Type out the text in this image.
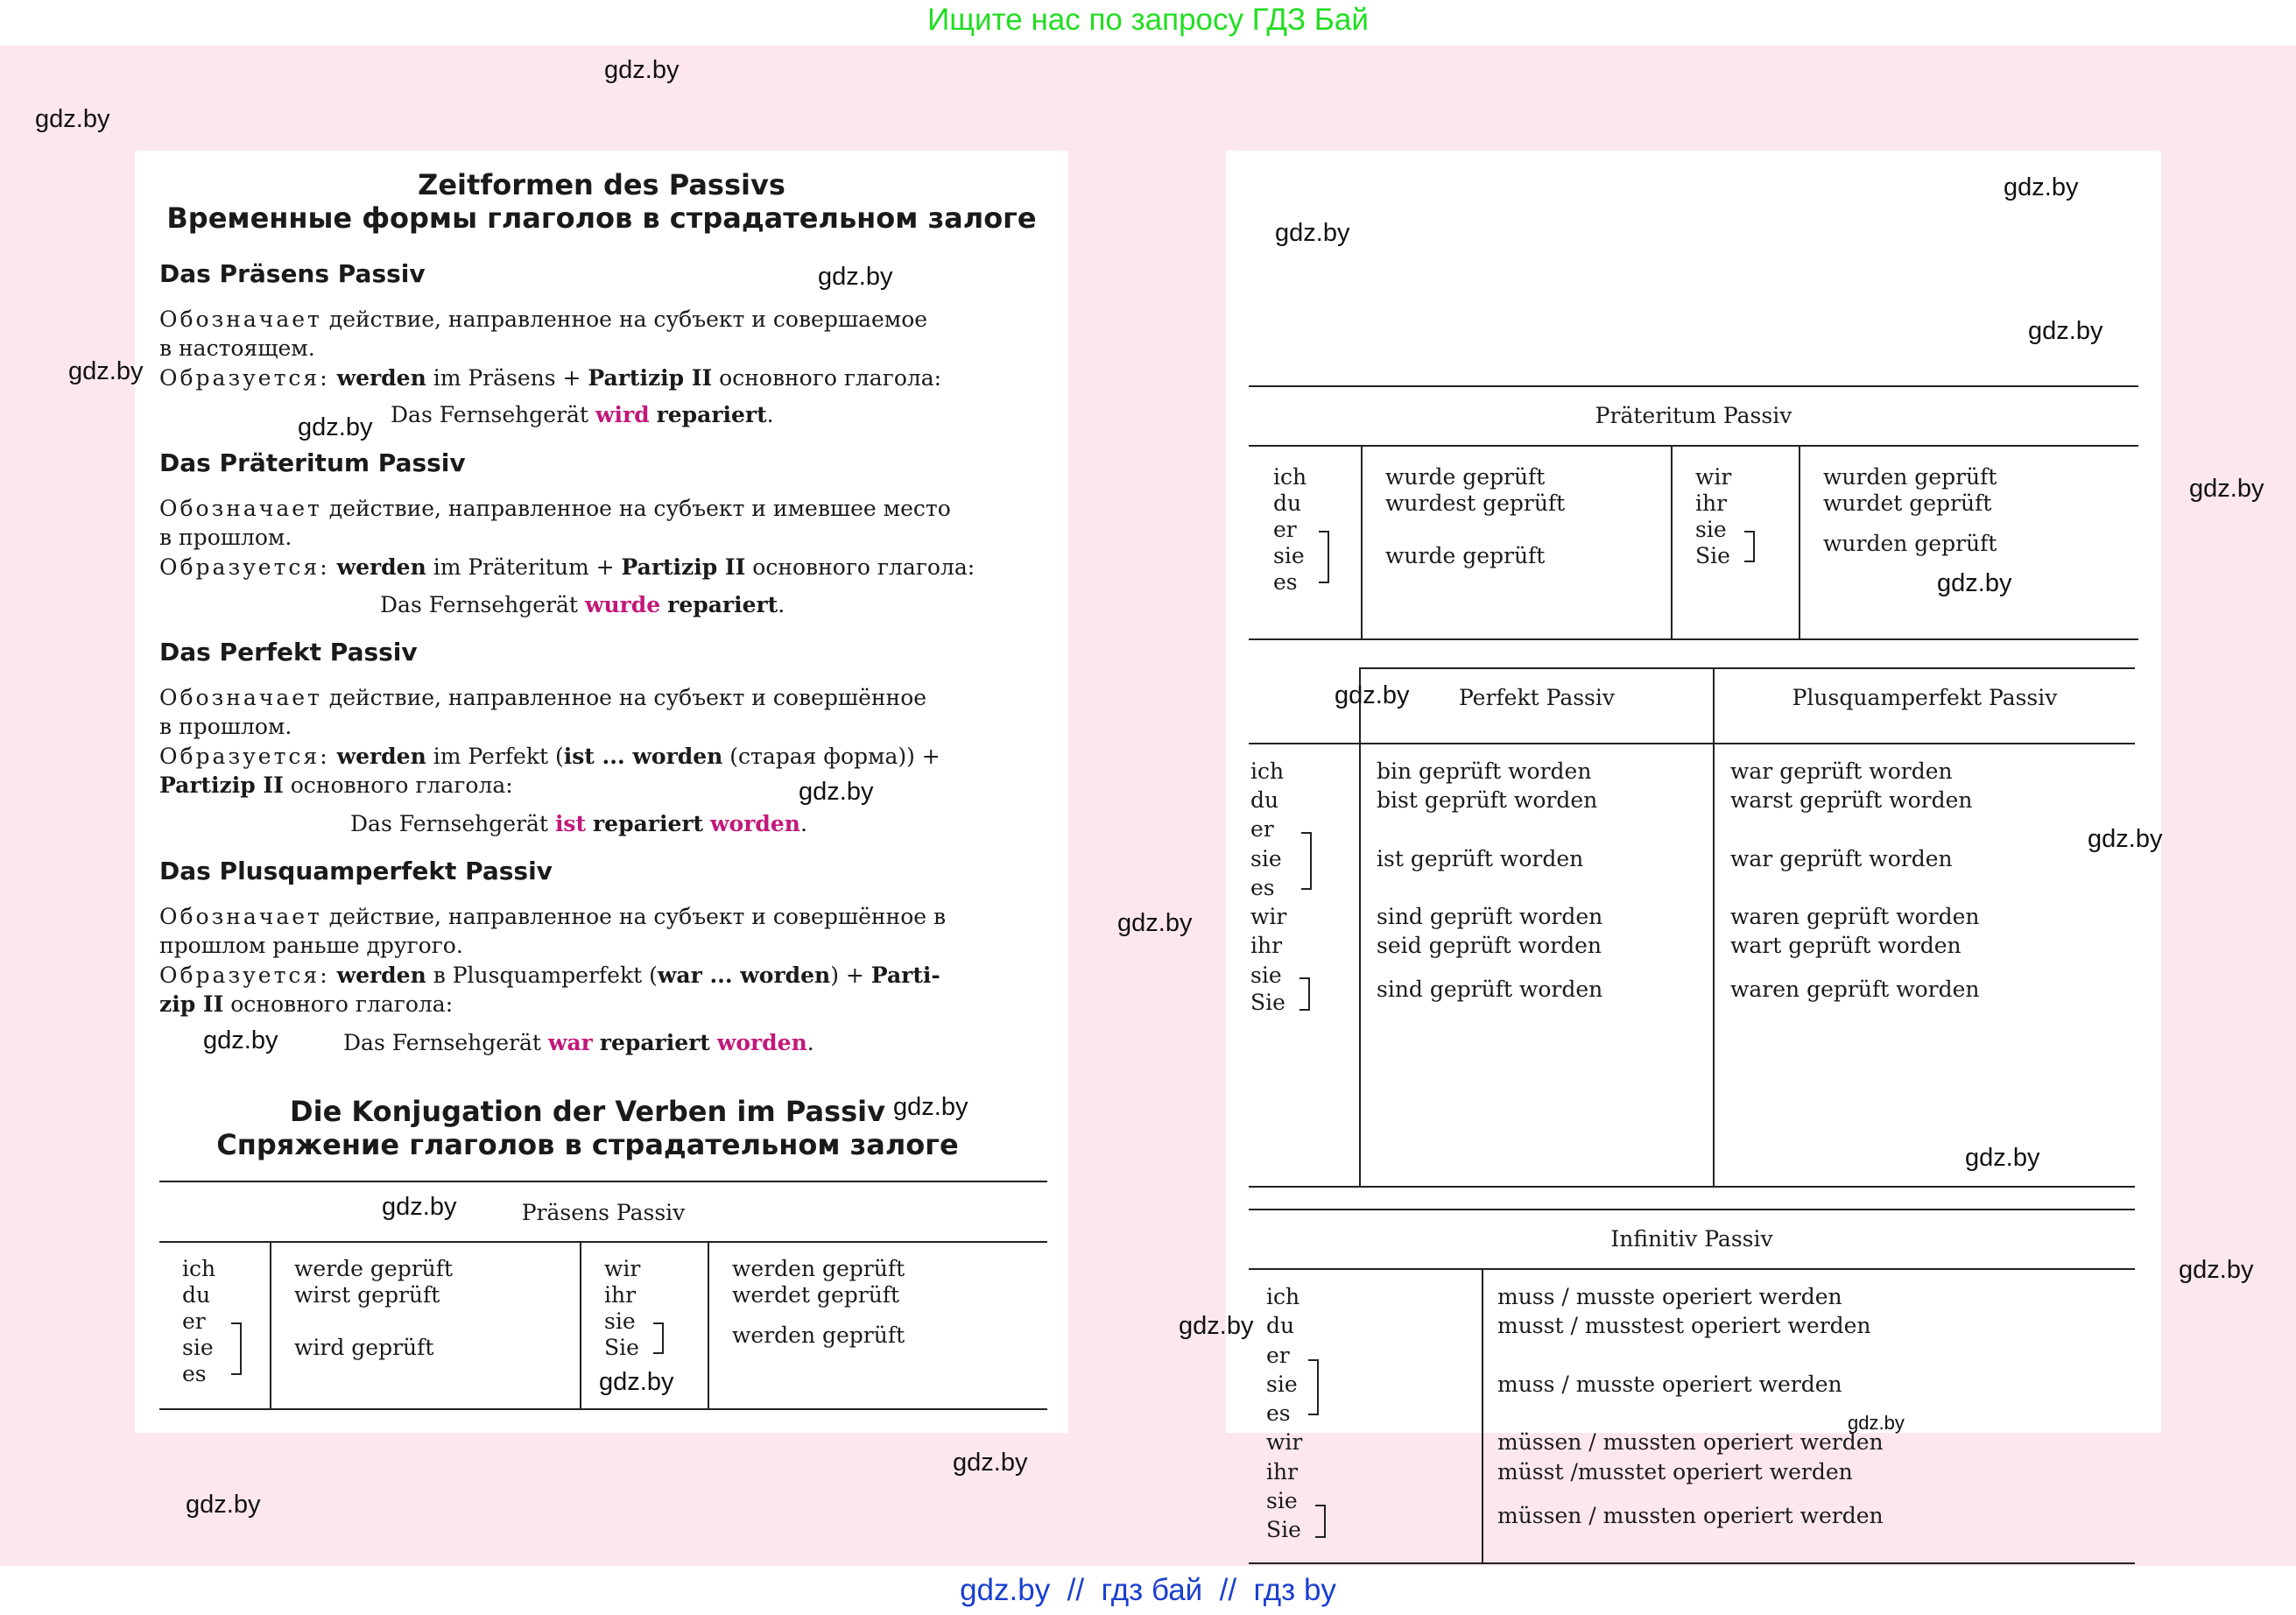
Ищите нас по запросу ГДЗ Бай
Zeitformen des Passivs
Временные формы глаголов в страдательном залоге
Das Präsens Passiv
Обозначает действие, направленное на субъект и совершаемое
в настоящем.
Образуется: werden im Präsens + Partizip II основного глагола:
Das Fernsehgerät wird repariert.
Das Präteritum Passiv
Обозначает действие, направленное на субъект и имевшее место
в прошлом.
Образуется: werden im Präteritum + Partizip II основного глагола:
Das Fernsehgerät wurde repariert.
Das Perfekt Passiv
Обозначает действие, направленное на субъект и совершённое
в прошлом.
Образуется: werden im Perfekt (ist ... worden (старая форма)) +
Partizip II основного глагола:
Das Fernsehgerät ist repariert worden.
Das Plusquamperfekt Passiv
Обозначает действие, направленное на субъект и совершённое в
прошлом раньше другого.
Образуется: werden в Plusquamperfekt (war ... worden) + Parti-
zip II основного глагола:
Das Fernsehgerät war repariert worden.
Die Konjugation der Verben im Passiv
Спряжение глаголов в страдательном залоге
Präsens Passiv
ich
du
er
sie
es
werde geprüft
wirst geprüft
wird geprüft
wir
ihr
sie
Sie
werden geprüft
werdet geprüft
werden geprüft
Präteritum Passiv
ich
du
er
sie
es
wurde geprüft
wurdest geprüft
wurde geprüft
wir
ihr
sie
Sie
wurden geprüft
wurdet geprüft
wurden geprüft
Perfekt Passiv	Plusquamperfekt Passiv
ich
du
er
sie
es
wir
ihr
sie
Sie
bin geprüft worden
bist geprüft worden
ist geprüft worden
sind geprüft worden
seid geprüft worden
sind geprüft worden
war geprüft worden
warst geprüft worden
war geprüft worden
waren geprüft worden
wart geprüft worden
waren geprüft worden
Infinitiv Passiv
ich
du
er
sie
es
wir
ihr
sie
Sie
muss / musste operiert werden
musst / musstest operiert werden
muss / musste operiert werden
müssen / mussten operiert werden
müsst /musstet operiert werden
müssen / mussten operiert werden
gdz.by
gdz.by
gdz.by
gdz.by
gdz.by
gdz.by
gdz.by
gdz.by
gdz.by
gdz.by
gdz.by
gdz.by
gdz.by
gdz.by
gdz.by
gdz.by
gdz.by
gdz.by
gdz.by
gdz.by
gdz.by
gdz.by
gdz.by
gdz.by
gdz.by  //  гдз бай  //  гдз by
